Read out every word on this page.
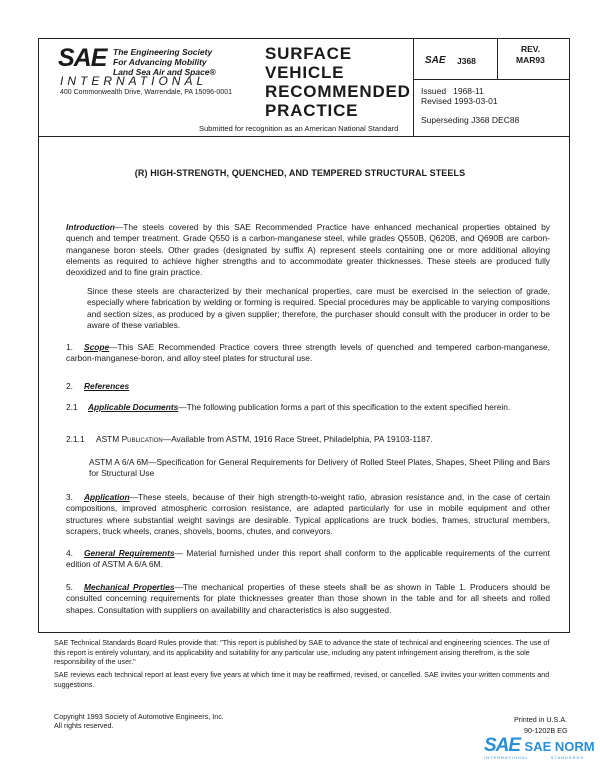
SAE The Engineering Society
For Advancing Mobility
Land Sea Air and Space®
INTERNATIONAL
400 Commonwealth Drive, Warrendale, PA 15096-0001
SURFACE
VEHICLE
RECOMMENDED
PRACTICE
Submitted for recognition as an American National Standard
SAE J368
REV.
MAR93
Issued   1968-11
Revised 1993-03-01
Superseding J368 DEC88
(R) HIGH-STRENGTH, QUENCHED, AND TEMPERED STRUCTURAL STEELS
Introduction—The steels covered by this SAE Recommended Practice have enhanced mechanical properties obtained by quench and temper treatment. Grade Q550 is a carbon-manganese steel, while grades Q550B, Q620B, and Q690B are carbon-manganese boron steels. Other grades (designated by suffix A) represent steels containing one or more additional alloying elements as required to achieve higher strengths and to accommodate greater thicknesses. These steels are produced fully deoxidized and to fine grain practice.
Since these steels are characterized by their mechanical properties, care must be exercised in the selection of grade, especially where fabrication by welding or forming is required. Special procedures may be applicable to varying compositions and section sizes, as produced by a given supplier; therefore, the purchaser should consult with the producer in order to be aware of these variables.
1. Scope—This SAE Recommended Practice covers three strength levels of quenched and tempered carbon-manganese, carbon-manganese-boron, and alloy steel plates for structural use.
2. References
2.1 Applicable Documents—The following publication forms a part of this specification to the extent specified herein.
2.1.1 ASTM Publication—Available from ASTM, 1916 Race Street, Philadelphia, PA 19103-1187.
ASTM A 6/A 6M—Specification for General Requirements for Delivery of Rolled Steel Plates, Shapes, Sheet Piling and Bars for Structural Use
3. Application—These steels, because of their high strength-to-weight ratio, abrasion resistance and, in the case of certain compositions, improved atmospheric corrosion resistance, are adapted particularly for use in mobile equipment and other structures where substantial weight savings are desirable. Typical applications are truck bodies, frames, structural members, scrapers, truck wheels, cranes, shovels, booms, chutes, and conveyors.
4. General Requirements— Material furnished under this report shall conform to the applicable requirements of the current edition of ASTM A 6/A 6M.
5. Mechanical Properties—The mechanical properties of these steels shall be as shown in Table 1. Producers should be consulted concerning requirements for plate thicknesses greater than those shown in the table and for all sheets and rolled shapes. Consultation with suppliers on availability and characteristics is also suggested.
SAE Technical Standards Board Rules provide that: "This report is published by SAE to advance the state of technical and engineering sciences. The use of this report is entirely voluntary, and its applicability and suitability for any particular use, including any patent infringement arising therefrom, is the sole responsibility of the user."
SAE reviews each technical report at least every five years at which time it may be reaffirmed, revised, or cancelled. SAE invites your written comments and suggestions.
Copyright 1993 Society of Automotive Engineers, Inc.
All rights reserved.
Printed in U.S.A.
90-1202B EG
SAE SAE NORM
INTERNATIONAL	STANDARDS
